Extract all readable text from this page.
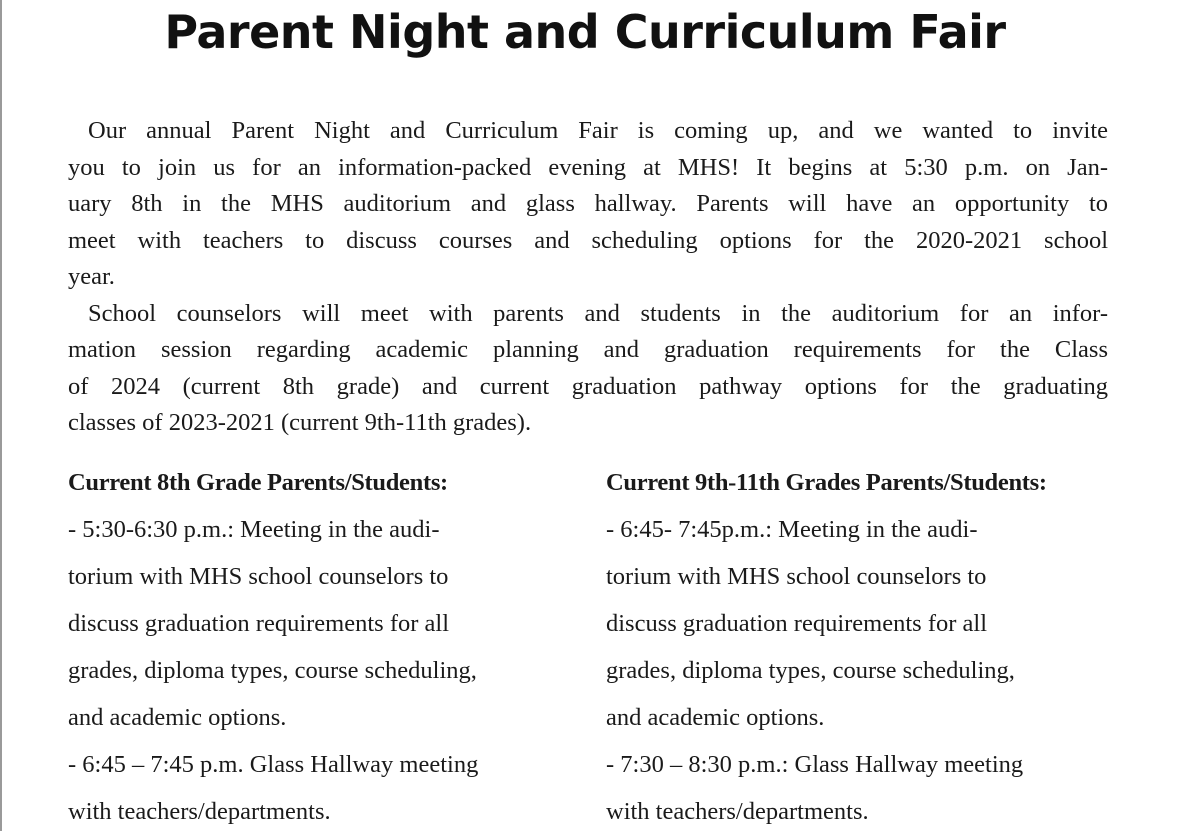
Parent Night and Curriculum Fair
Our annual Parent Night and Curriculum Fair is coming up, and we wanted to invite
you to join us for an information-packed evening at MHS! It begins at 5:30 p.m. on Jan-
uary 8th in the MHS auditorium and glass hallway. Parents will have an opportunity to
meet with teachers to discuss courses and scheduling options for the 2020-2021 school
year.
School counselors will meet with parents and students in the auditorium for an infor-
mation session regarding academic planning and graduation requirements for the Class
of 2024 (current 8th grade) and current graduation pathway options for the graduating
classes of 2023-2021 (current 9th-11th grades).
Current 8th Grade Parents/Students:
- 5:30-6:30 p.m.: Meeting in the audi-
torium with MHS school counselors to
discuss graduation requirements for all
grades, diploma types, course scheduling,
and academic options.
- 6:45 – 7:45 p.m. Glass Hallway meeting
with teachers/departments.
Current 9th-11th Grades Parents/Students:
- 6:45- 7:45p.m.: Meeting in the audi-
torium with MHS school counselors to
discuss graduation requirements for all
grades, diploma types, course scheduling,
and academic options.
- 7:30 – 8:30 p.m.: Glass Hallway meeting
with teachers/departments.
